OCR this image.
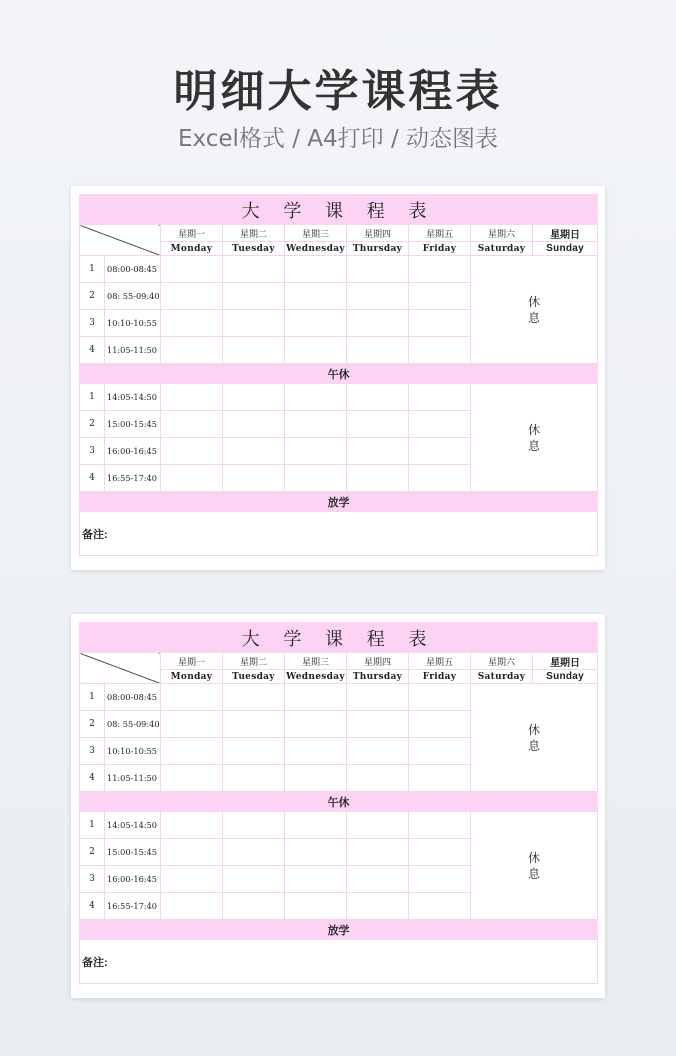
明细大学课程表
Excel格式 / A4打印 / 动态图表
大 学 课 程 表								
		星期一	星期二	星期三	星期四	星期五	星期六	星期日
		Monday	Tuesday	Wednesday	Thursday	Friday	Saturday	Sunday
1	08:00-08:45						休
息	
2	08: 55-09:40							
3	10:10-10:55							
4	11:05-11:50							
午休								
1	14:05-14:50						休
息	
2	15:00-15:45							
3	16:00-16:45							
4	16:55-17:40							
放学								
备注:								
大 学 课 程 表								
		星期一	星期二	星期三	星期四	星期五	星期六	星期日
		Monday	Tuesday	Wednesday	Thursday	Friday	Saturday	Sunday
1	08:00-08:45						休
息	
2	08: 55-09:40							
3	10:10-10:55							
4	11:05-11:50							
午休								
1	14:05-14:50						休
息	
2	15:00-15:45							
3	16:00-16:45							
4	16:55-17:40							
放学								
备注:								
